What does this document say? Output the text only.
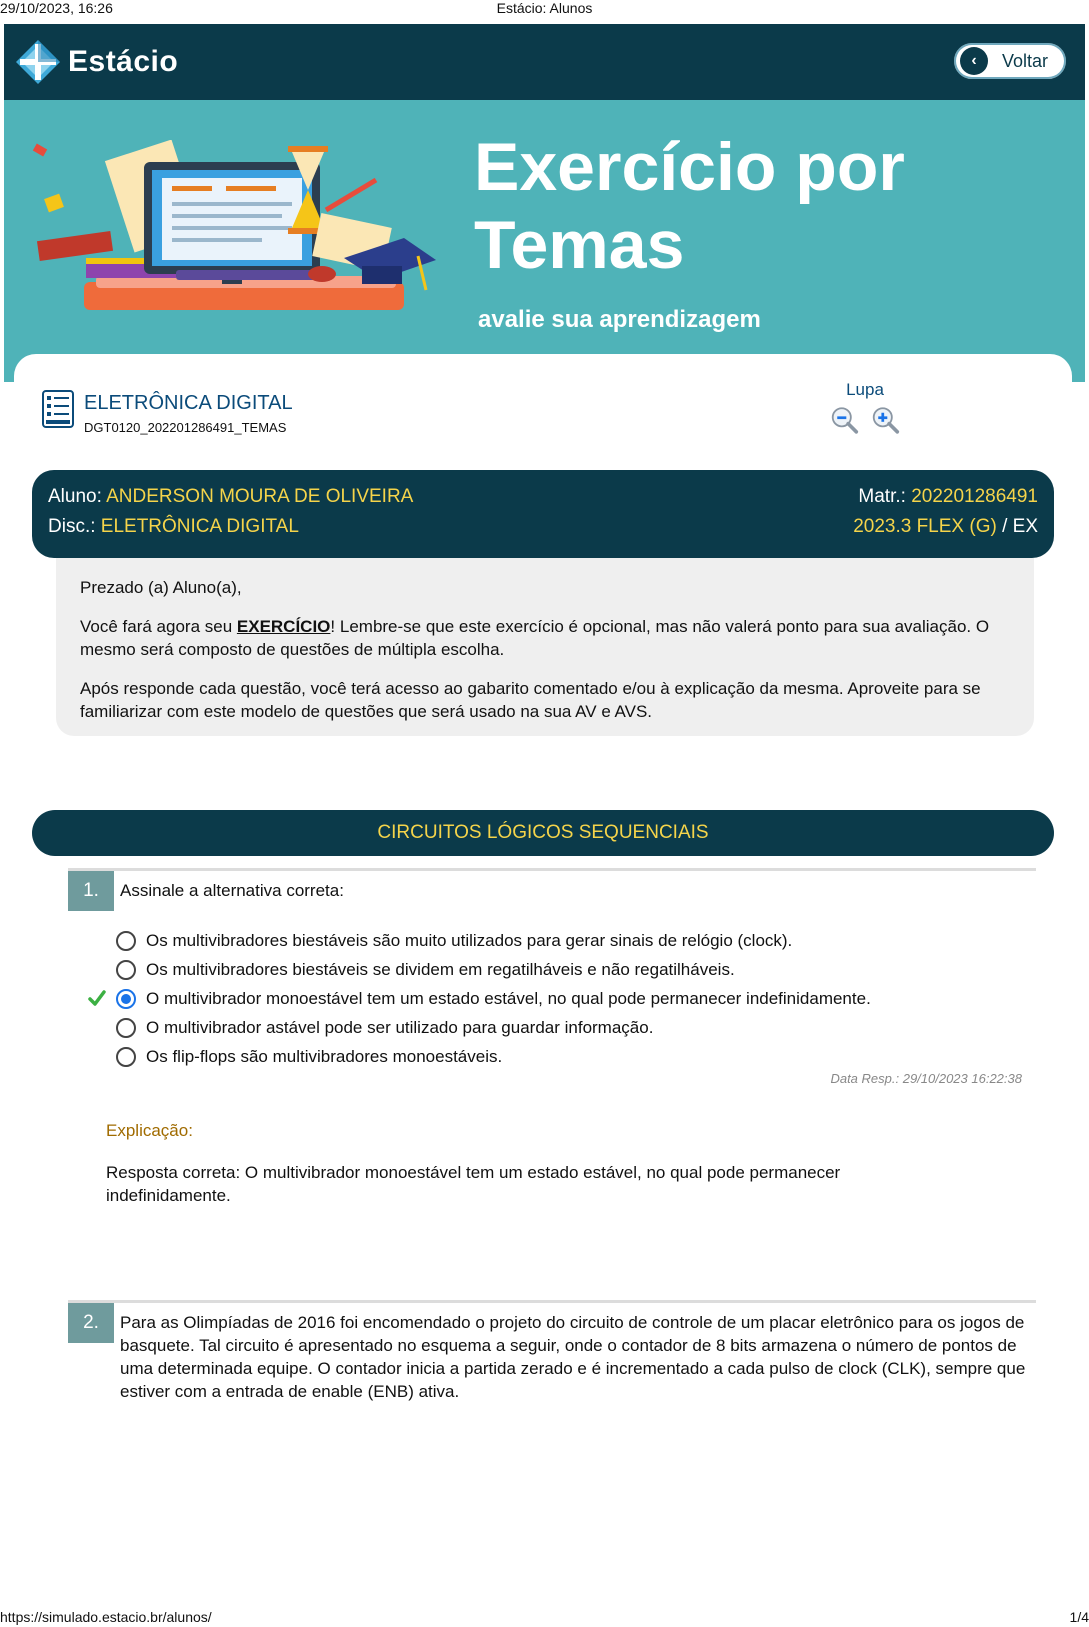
29/10/2023, 16:26	Estácio: Alunos
Estácio	‹	Voltar
Exercício por
Temas
avalie sua aprendizagem
ELETRÔNICA DIGITAL
DGT0120_202201286491_TEMAS
Lupa
Aluno: ANDERSON MOURA DE OLIVEIRA	Matr.: 202201286491
Disc.: ELETRÔNICA DIGITAL	2023.3 FLEX (G) / EX

Prezado (a) Aluno(a),

Você fará agora seu EXERCÍCIO! Lembre-se que este exercício é opcional, mas não valerá ponto para sua avaliação. O mesmo será composto de questões de múltipla escolha.

Após responde cada questão, você terá acesso ao gabarito comentado e/ou à explicação da mesma. Aproveite para se familiarizar com este modelo de questões que será usado na sua AV e AVS.

CIRCUITOS LÓGICOS SEQUENCIAIS
1.	Assinale a alternativa correta:
Os multivibradores biestáveis são muito utilizados para gerar sinais de relógio (clock).
Os multivibradores biestáveis se dividem em regatilháveis e não regatilháveis.
O multivibrador monoestável tem um estado estável, no qual pode permanecer indefinidamente.
O multivibrador astável pode ser utilizado para guardar informação.
Os flip-flops são multivibradores monoestáveis.
Data Resp.: 29/10/2023 16:22:38
Explicação:
Resposta correta: O multivibrador monoestável tem um estado estável, no qual pode permanecer indefinidamente.
2.	Para as Olimpíadas de 2016 foi encomendado o projeto do circuito de controle de um placar eletrônico para os jogos de basquete. Tal circuito é apresentado no esquema a seguir, onde o contador de 8 bits armazena o número de pontos de uma determinada equipe. O contador inicia a partida zerado e é incrementado a cada pulso de clock (CLK), sempre que estiver com a entrada de enable (ENB) ativa.
https://simulado.estacio.br/alunos/	1/4
